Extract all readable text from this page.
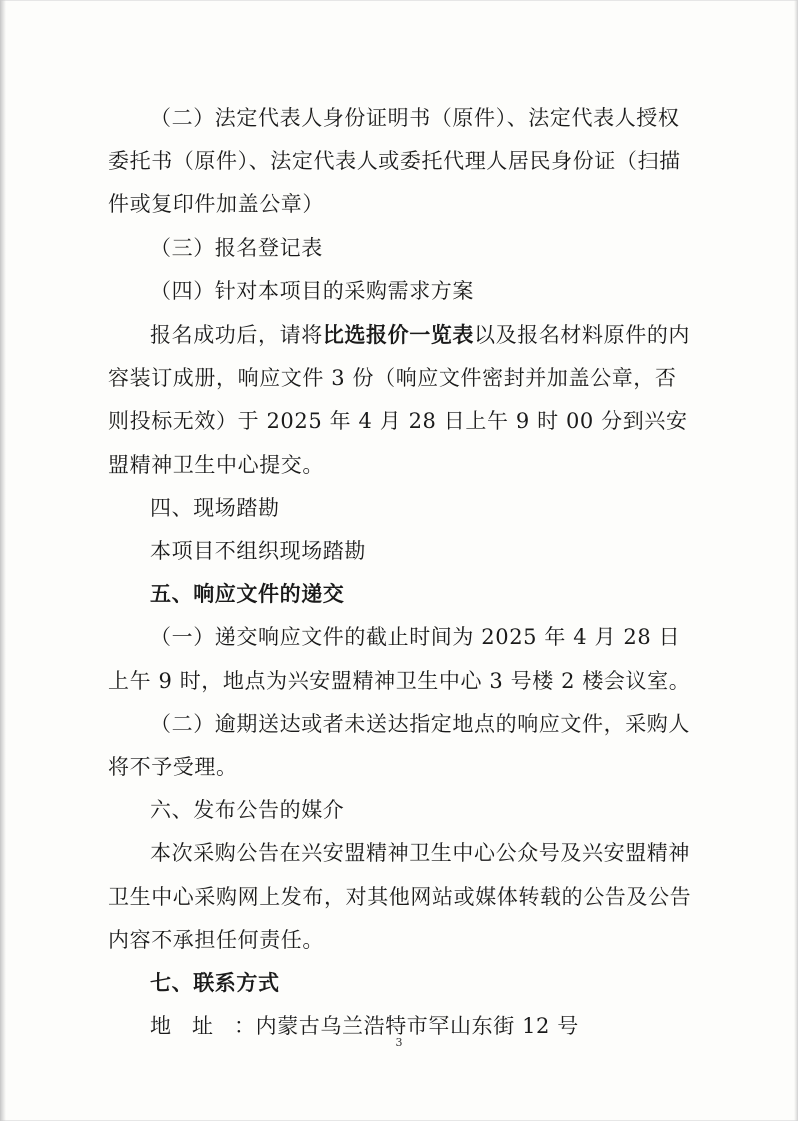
（二）法定代表人身份证明书（原件）、法定代表人授权

委托书（原件）、法定代表人或委托代理人居民身份证（扫描件或复印件加盖公章）

（三）报名登记表

（四）针对本项目的采购需求方案

报名成功后，请将比选报价一览表以及报名材料原件的内容装订成册，响应文件 3 份（响应文件密封并加盖公章，否则投标无效）于 2025 年 4 月 28 日上午 9 时 00 分到兴安盟精神卫生中心提交。

四、现场踏勘

本项目不组织现场踏勘

五、响应文件的递交

（一）递交响应文件的截止时间为 2025 年 4 月 28 日上午 9 时，地点为兴安盟精神卫生中心 3 号楼 2 楼会议室。

（二）逾期送达或者未送达指定地点的响应文件，采购人将不予受理。

六、发布公告的媒介

本次采购公告在兴安盟精神卫生中心公众号及兴安盟精神卫生中心采购网上发布，对其他网站或媒体转载的公告及公告内容不承担任何责任。

七、联系方式

地址：内蒙古乌兰浩特市罕山东街 12 号

3
